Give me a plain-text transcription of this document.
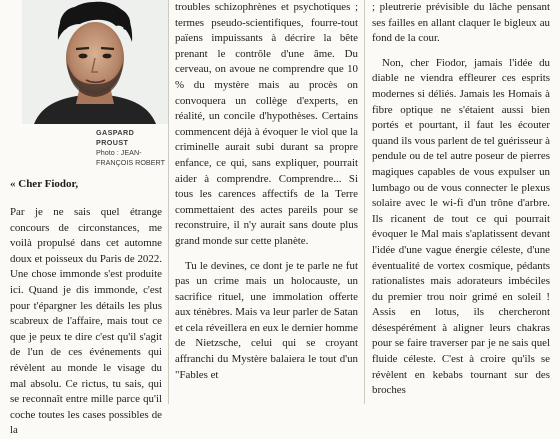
GASPARD PROUST
Photo : JEAN-FRANÇOIS ROBERT
« Cher Fiodor,
Par je ne sais quel étrange concours de circonstances, me voilà propulsé dans cet automne doux et poisseux du Paris de 2022. Une chose immonde s'est produite ici. Quand je dis immonde, c'est pour t'épargner les détails les plus scabreux de l'affaire, mais tout ce que je peux te dire c'est qu'il s'agit de l'un de ces événements qui révèlent au monde le visage du mal absolu. Ce rictus, tu sais, qui se reconnaît entre mille parce qu'il coche toutes les cases possibles de la

troubles schizophrènes et psychotiques ; termes pseudo-scientifiques, fourre-tout païens impuissants à décrire la bête prenant le contrôle d'une âme. Du cerveau, on avoue ne comprendre que 10 % du mystère mais au procès on convoquera un collège d'experts, en réalité, un concile d'hypothèses. Certains commencent déjà à évoquer le viol que la criminelle aurait subi durant sa propre enfance, ce qui, sans expliquer, pourrait aider à comprendre. Comprendre... Si tous les carences affectifs de la Terre commettaient des actes pareils pour se reconstruire, il n'y aurait sans doute plus grand monde sur cette planète.

Tu le devines, ce dont je te parle ne fut pas un crime mais un holocauste, un sacrifice rituel, une immolation offerte aux ténèbres. Mais va leur parler de Satan et cela réveillera en eux le dernier homme de Nietzsche, celui qui se croyant affranchi du Mystère balaiera le tout d'un "Fables et

; pleutrerie prévisible du lâche pensant ses failles en allant claquer le bigleux au fond de la cour.

Non, cher Fiodor, jamais l'idée du diable ne viendra effleurer ces esprits modernes si déliés. Jamais les Homais à fibre optique ne s'étaient aussi bien portés et pourtant, il faut les écouter quand ils vous parlent de tel guérisseur à pendule ou de tel autre poseur de pierres magiques capables de vous expulser un lumbago ou de vous connecter le plexus solaire avec le wi-fi d'un trône d'arbre. Ils ricanent de tout ce qui pourrait évoquer le Mal mais s'aplatissent devant l'idée d'une vague énergie céleste, d'une éventualité de vortex cosmique, pédants rationalistes mais adorateurs imbéciles du premier trou noir grimé en soleil ! Assis en lotus, ils chercheront désespérément à aligner leurs chakras pour se faire traverser par je ne sais quel fluide céleste. C'est à croire qu'ils se révèlent en kebabs tournant sur des broches
